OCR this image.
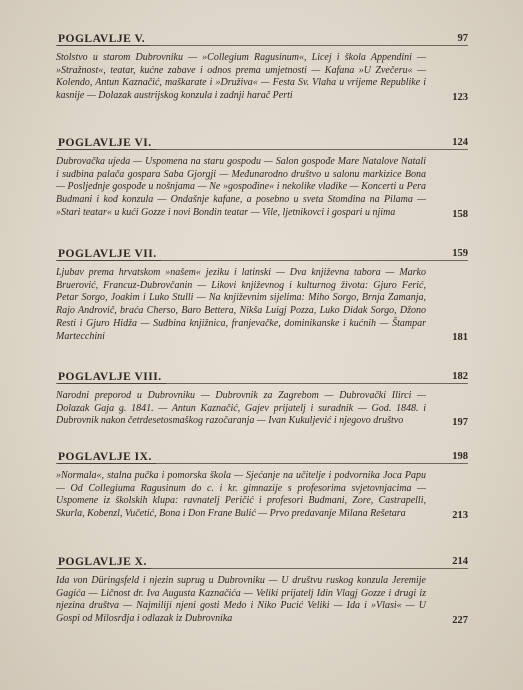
POGLAVLJE V.	97
Stolstvo u starom Dubrovniku — »Collegium Ragusinum«, Licej i škola Appendini — »Stražnost«, teatar, kućne zabave i odnos prema umjetnosti — Kafana »U Zvečeru« — Kolendo, Antun Kaznačić, maškarate i »Druživa« — Festa Sv. Vlaha u vrijeme Republike i kasnije — Dolazak austrijskog konzula i zadnji harač Perti	123
POGLAVLJE VI.	124
Dubrovačka ujeda — Uspomena na staru gospodu — Salon gospođe Mare Natalove Natali i sudbina palača gospara Saba Gjorgji — Međunarodno društvo u salonu markizice Bona — Posljednje gospođe u nošnjama — Ne »gospođine« i nekolike vladike — Koncerti u Pera Budmani i kod konzula — Ondašnje kafane, a posebno u sveta Stomdina na Pilama — »Stari teatar« u kući Gozze i novi Bondin teatar — Vile, ljetnikovci i gospari u njima	158
POGLAVLJE VII.	159
Ljubav prema hrvatskom »našem« jeziku i latinski — Dva književna tabora — Marko Bruerović, Francuz-Dubrovčanin — Likovi književnog i kulturnog života: Gjuro Ferić, Petar Sorgo, Joakim i Luko Stulli — Na književnim sijelima: Miho Sorgo, Brnja Zamanja, Rajo Androvič, braća Cherso, Baro Bettera, Nikša Luigj Pozza, Luko Didak Sorgo, Džono Resti i Gjuro Hidža — Sudbina knjižnica, franjevačke, dominikanske i kućnih — Štampar Martecchini	181
POGLAVLJE VIII.	182
Narodni preporod u Dubrovniku — Dubrovnik za Zagrebom — Dubrovački Ilirci — Dolazak Gaja g. 1841. — Antun Kaznačić, Gajev prijatelj i suradnik — God. 1848. i Dubrovnik nakon četrdesetosmaškog razočaranja — Ivan Kukuljević i njegovo društvo	197
POGLAVLJE IX.	198
»Normala«, stalna pučka i pomorska škola — Sjećanje na učitelje i podvornika Joca Papu — Od Collegiuma Ragusinum do c. i kr. gimnazije s profesorima svjetovnjacima — Uspomene iz školskih klupa: ravnatelj Peričić i profesori Budmani, Zore, Castrapelli, Skurla, Kobenzl, Vučetić, Bona i Don Frane Bulić — Prvo predavanje Milana Rešetara	213
POGLAVLJE X.	214
Ida von Düringsfeld i njezin suprug u Dubrovniku — U društvu ruskog konzula Jeremije Gagića — Ličnost dr. Iva Augusta Kaznačića — Veliki prijatelj Idin Vlagj Gozze i drugi iz njezina društva — Najmiliji njeni gosti Medo i Niko Pucić Veliki — Ida i »Vlasi« — U Gospi od Milosrđja i odlazak iz Dubrovnika	227
